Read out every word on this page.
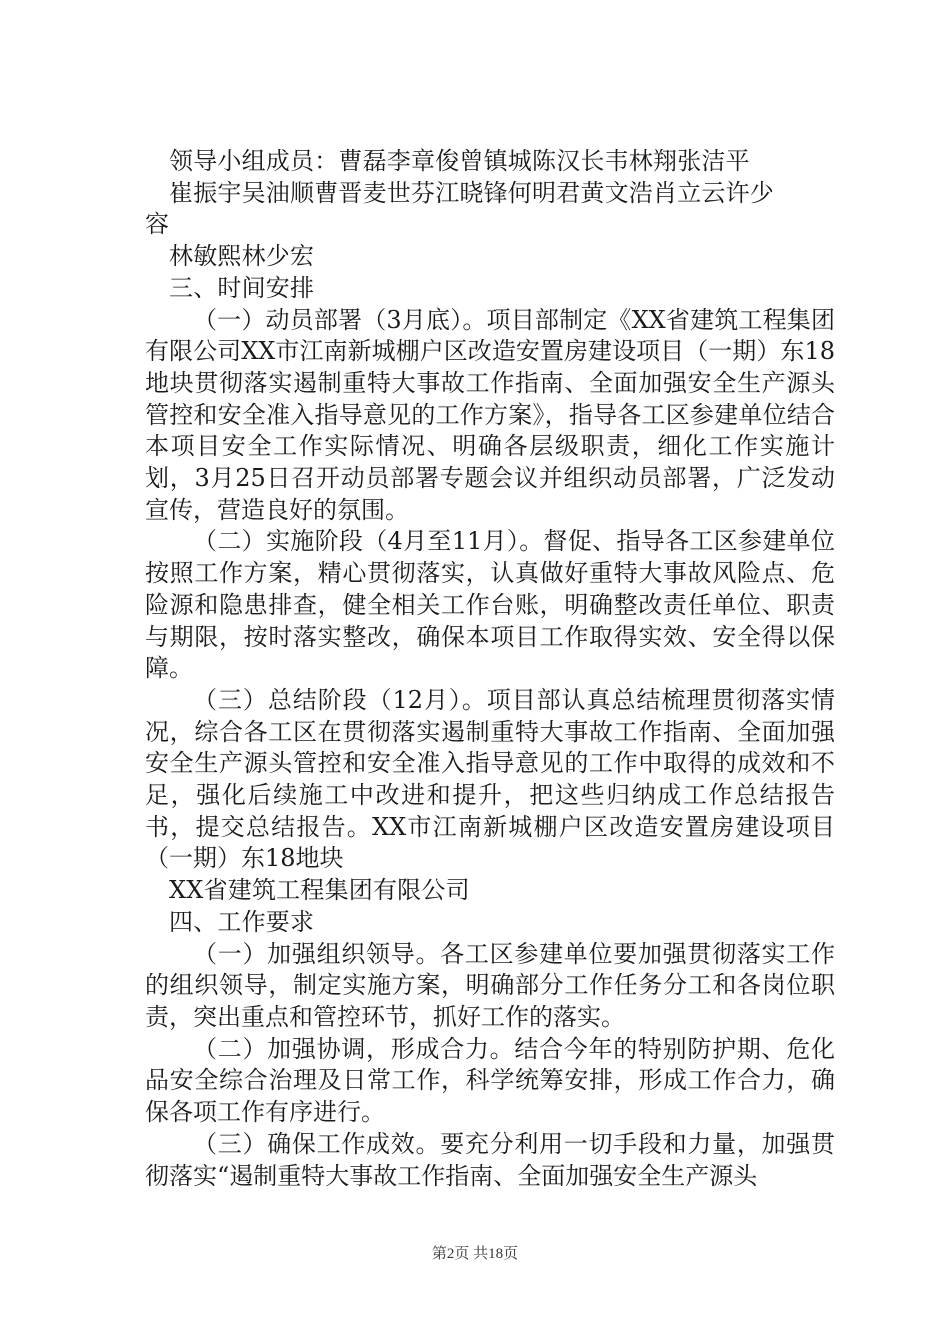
领导小组成员：曹磊李章俊曾镇城陈汉长韦林翔张洁平
崔振宇吴油顺曹晋麦世芬江晓锋何明君黄文浩肖立云许少
容
林敏熙林少宏
三、时间安排

（一）动员部署（3月底）。项目部制定《XX省建筑工程集团有限公司XX市江南新城棚户区改造安置房建设项目（一期）东18地块贯彻落实遏制重特大事故工作指南、全面加强安全生产源头管控和安全准入指导意见的工作方案》，指导各工区参建单位结合本项目安全工作实际情况、明确各层级职责，细化工作实施计划，3月25日召开动员部署专题会议并组织动员部署，广泛发动宣传，营造良好的氛围。

（二）实施阶段（4月至11月）。督促、指导各工区参建单位按照工作方案，精心贯彻落实，认真做好重特大事故风险点、危险源和隐患排查，健全相关工作台账，明确整改责任单位、职责与期限，按时落实整改，确保本项目工作取得实效、安全得以保障。

（三）总结阶段（12月）。项目部认真总结梳理贯彻落实情况，综合各工区在贯彻落实遏制重特大事故工作指南、全面加强安全生产源头管控和安全准入指导意见的工作中取得的成效和不足，强化后续施工中改进和提升，把这些归纳成工作总结报告书，提交总结报告。XX市江南新城棚户区改造安置房建设项目（一期）东18地块

XX省建筑工程集团有限公司
四、工作要求

（一）加强组织领导。各工区参建单位要加强贯彻落实工作的组织领导，制定实施方案，明确部分工作任务分工和各岗位职责，突出重点和管控环节，抓好工作的落实。

（二）加强协调，形成合力。结合今年的特别防护期、危化品安全综合治理及日常工作，科学统筹安排，形成工作合力，确保各项工作有序进行。

（三）确保工作成效。要充分利用一切手段和力量，加强贯彻落实“遏制重特大事故工作指南、全面加强安全生产源头

第2页 共18页
